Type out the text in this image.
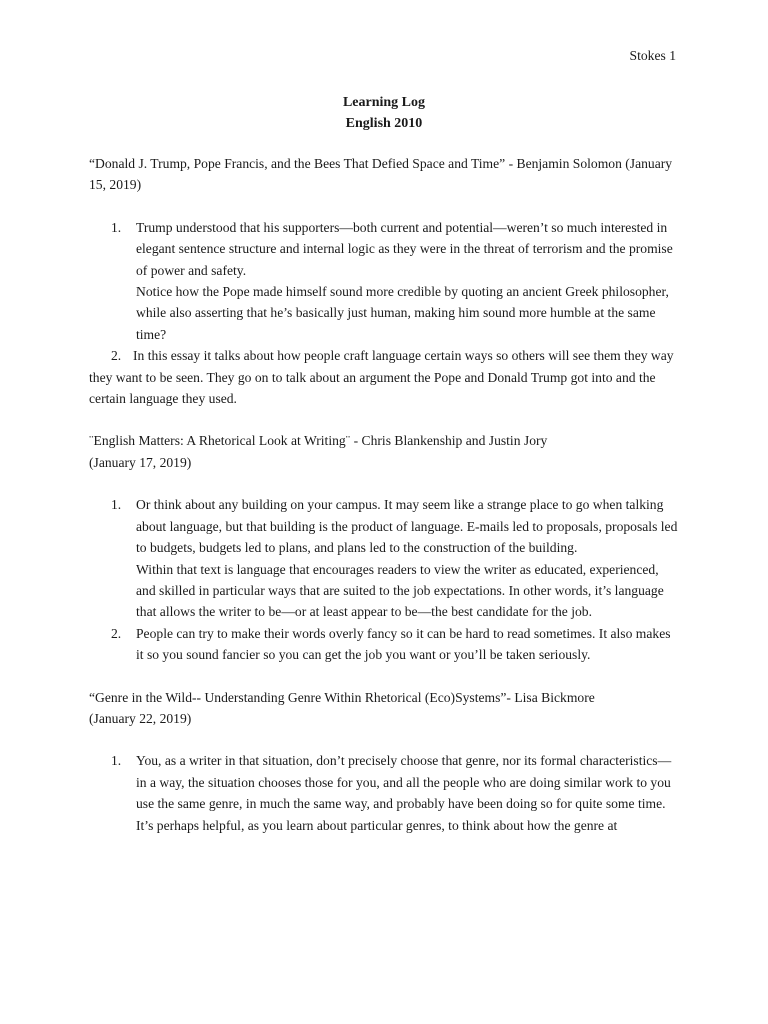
Stokes 1
Learning Log
English 2010

“Donald J. Trump, Pope Francis, and the Bees That Defied Space and Time” - Benjamin Solomon (January 15, 2019)

1. Trump understood that his supporters—both current and potential—weren’t so much interested in elegant sentence structure and internal logic as they were in the threat of terrorism and the promise of power and safety.

Notice how the Pope made himself sound more credible by quoting an ancient Greek philosopher, while also asserting that he’s basically just human, making him sound more humble at the same time?

2. In this essay it talks about how people craft language certain ways so others will see them they way they want to be seen. They go on to talk about an argument the Pope and Donald Trump got into and the certain language they used.

¨English Matters: A Rhetorical Look at Writing¨ - Chris Blankenship and Justin Jory
(January 17, 2019)

1. Or think about any building on your campus. It may seem like a strange place to go when talking about language, but that building is the product of language. E-mails led to proposals, proposals led to budgets, budgets led to plans, and plans led to the construction of the building.

Within that text is language that encourages readers to view the writer as educated, experienced, and skilled in particular ways that are suited to the job expectations. In other words, it’s language that allows the writer to be—or at least appear to be—the best candidate for the job.

2. People can try to make their words overly fancy so it can be hard to read sometimes. It also makes it so you sound fancier so you can get the job you want or you’ll be taken seriously.

“Genre in the Wild-- Understanding Genre Within Rhetorical (Eco)Systems”- Lisa Bickmore
(January 22, 2019)

1. You, as a writer in that situation, don’t precisely choose that genre, nor its formal characteristics—in a way, the situation chooses those for you, and all the people who are doing similar work to you use the same genre, in much the same way, and probably have been doing so for quite some time.

It’s perhaps helpful, as you learn about particular genres, to think about how the genre at
